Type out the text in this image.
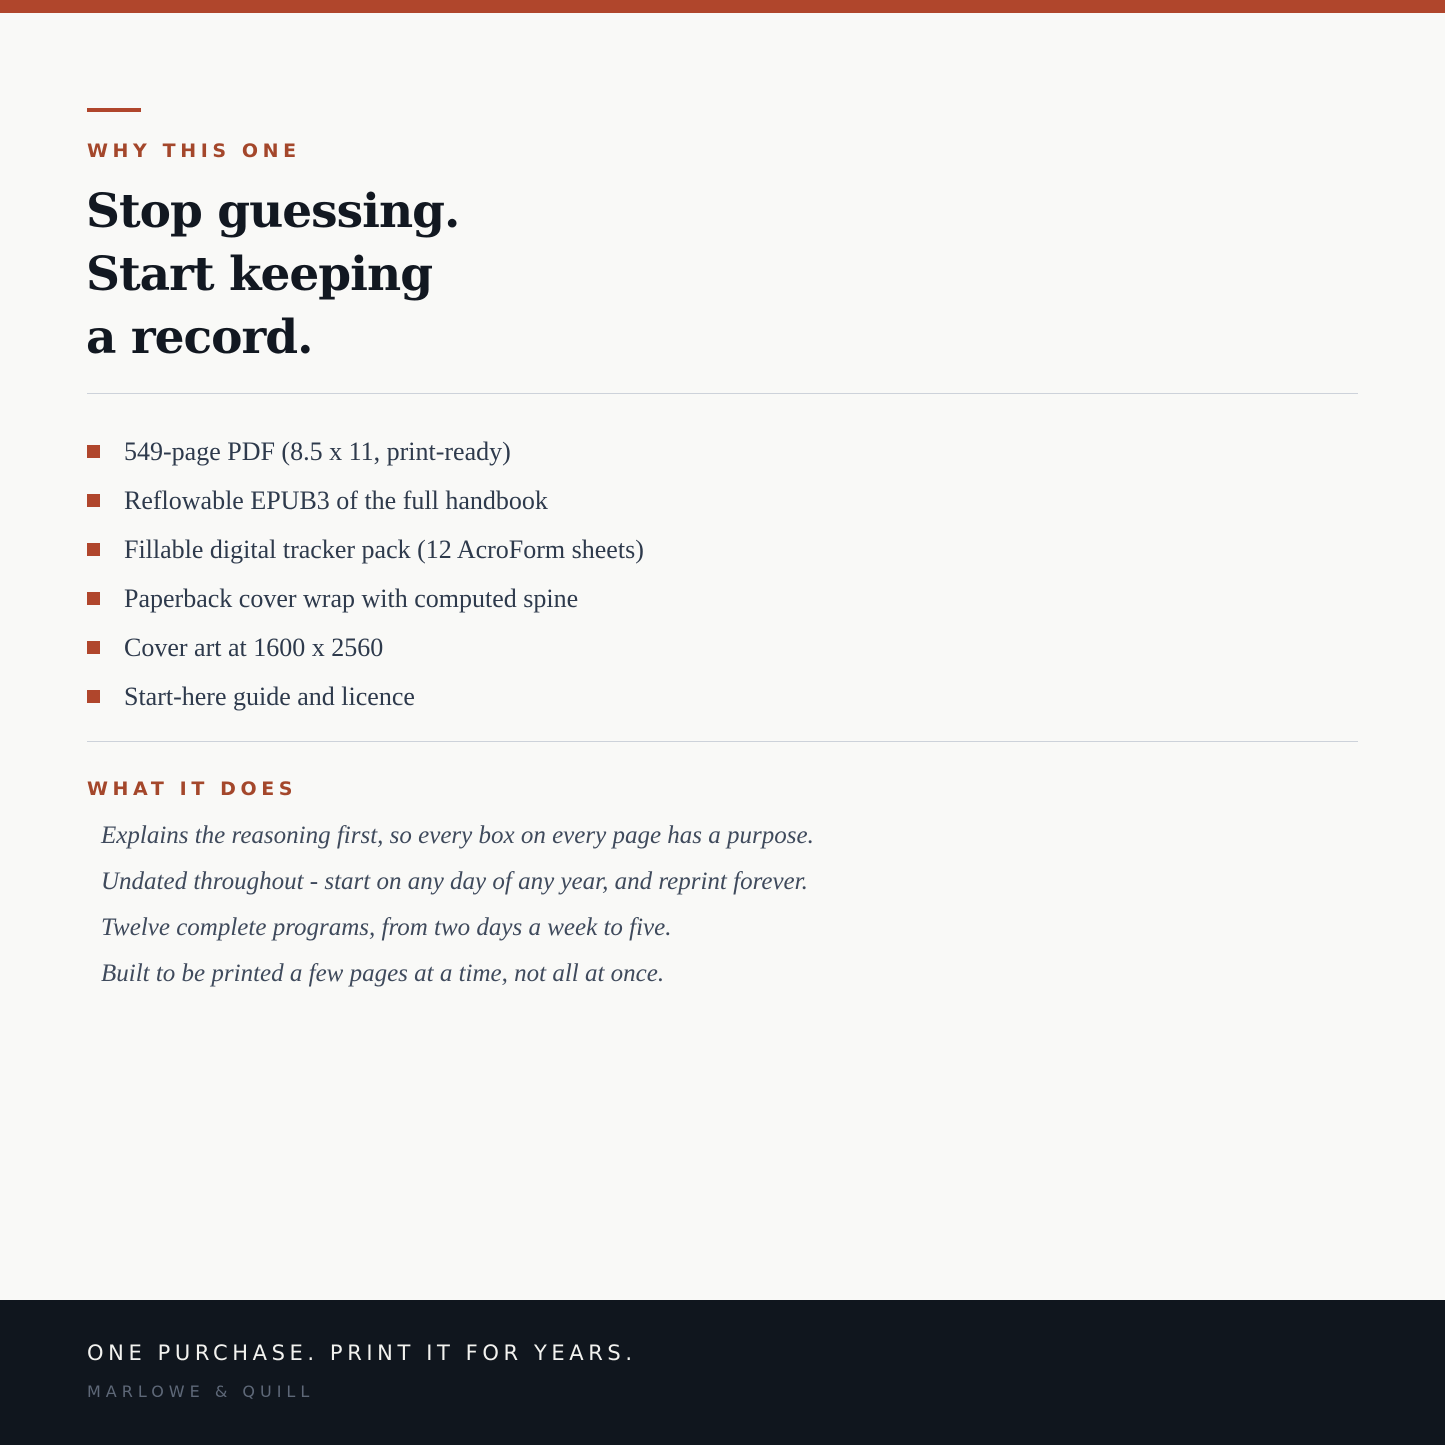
WHY THIS ONE

Stop guessing.
Start keeping
a record.
549-page PDF (8.5 x 11, print-ready)
Reflowable EPUB3 of the full handbook
Fillable digital tracker pack (12 AcroForm sheets)
Paperback cover wrap with computed spine
Cover art at 1600 x 2560
Start-here guide and licence

WHAT IT DOES

Explains the reasoning first, so every box on every page has a purpose.
Undated throughout - start on any day of any year, and reprint forever.
Twelve complete programs, from two days a week to five.
Built to be printed a few pages at a time, not all at once.

ONE PURCHASE. PRINT IT FOR YEARS.

MARLOWE & QUILL
